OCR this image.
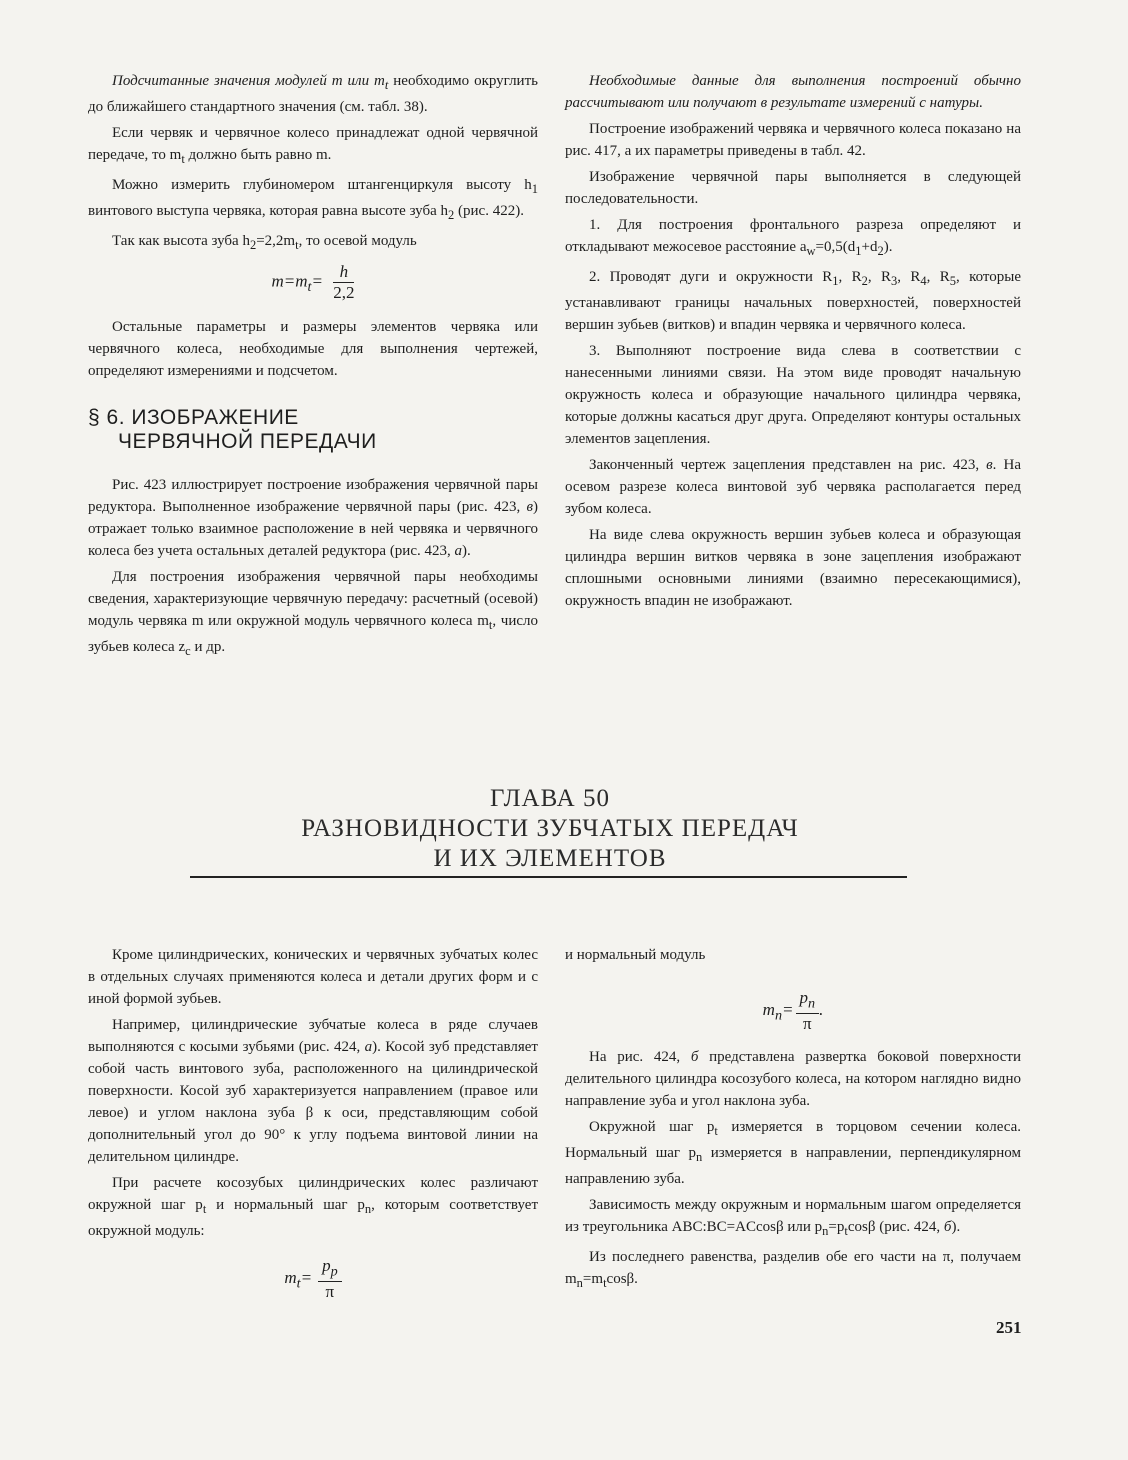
Подсчитанные значения модулей m или $m_t$ необходимо округлить до ближайшего стандартного значения (см. табл. 38).

Если червяк и червячное колесо принадлежат одной червячной передаче, то $m_t$ должно быть равно m.

Можно измерить глубиномером штангенциркуля высоту $h_1$ винтового выступа червяка, которая равна высоте зуба $h_2$ (рис. 422).

Так как высота зуба $h_2=2,2m_t$, то осевой модуль

$m=m_t= \frac{h}{2,2}$

Остальные параметры и размеры элементов червяка или червячного колеса, необходимые для выполнения чертежей, определяют измерениями и подсчетом.

§ 6. ИЗОБРАЖЕНИЕ
ЧЕРВЯЧНОЙ ПЕРЕДАЧИ

Рис. 423 иллюстрирует построение изображения червячной пары редуктора. Выполненное изображение червячной пары (рис. 423, в) отражает только взаимное расположение в ней червяка и червячного колеса без учета остальных деталей редуктора (рис. 423, а).

Для построения изображения червячной пары необходимы сведения, характеризующие червячную передачу: расчетный (осевой) модуль червяка m или окружной модуль червячного колеса $m_t$, число зубьев колеса $z_c$ и др.

Необходимые данные для выполнения построений обычно рассчитывают или получают в результате измерений с натуры.

Построение изображений червяка и червячного колеса показано на рис. 417, а их параметры приведены в табл. 42.

Изображение червячной пары выполняется в следующей последовательности.

1. Для построения фронтального разреза определяют и откладывают межосевое расстояние $a_w=0,5(d_1+d_2)$.

2. Проводят дуги и окружности $R_1$, $R_2$, $R_3$, $R_4$, $R_5$, которые устанавливают границы начальных поверхностей, поверхностей вершин зубьев (витков) и впадин червяка и червячного колеса.

3. Выполняют построение вида слева в соответствии с нанесенными линиями связи. На этом виде проводят начальную окружность колеса и образующие начального цилиндра червяка, которые должны касаться друг друга. Определяют контуры остальных элементов зацепления.

Законченный чертеж зацепления представлен на рис. 423, в. На осевом разрезе колеса винтовой зуб червяка располагается перед зубом колеса.

На виде слева окружность вершин зубьев колеса и образующая цилиндра вершин витков червяка в зоне зацепления изображают сплошными основными линиями (взаимно пересекающимися), окружность впадин не изображают.

ГЛАВА 50
РАЗНОВИДНОСТИ ЗУБЧАТЫХ ПЕРЕДАЧ
И ИХ ЭЛЕМЕНТОВ

Кроме цилиндрических, конических и червячных зубчатых колес в отдельных случаях применяются колеса и детали других форм и с иной формой зубьев.

Например, цилиндрические зубчатые колеса в ряде случаев выполняются с косыми зубьями (рис. 424, а). Косой зуб представляет собой часть винтового зуба, расположенного на цилиндрической поверхности. Косой зуб характеризуется направлением (правое или левое) и углом наклона зуба β к оси, представляющим собой дополнительный угол до 90° к углу подъема винтовой линии на делительном цилиндре.

При расчете косозубых цилиндрических колес различают окружной шаг $p_t$ и нормальный шаг $p_n$, которым соответствует окружной модуль:

$m_t= \frac{p_p}{\pi}$

и нормальный модуль

$m_n= \frac{p_n}{\pi}$ .

На рис. 424, б представлена развертка боковой поверхности делительного цилиндра косозубого колеса, на котором наглядно видно направление зуба и угол наклона зуба.

Окружной шаг $p_t$ измеряется в торцовом сечении колеса. Нормальный шаг $p_n$ измеряется в направлении, перпендикулярном направлению зуба.

Зависимость между окружным и нормальным шагом определяется из треугольника ABC:BC=ACcosβ или $p_n=p_t\cos\beta$ (рис. 424, б).

Из последнего равенства, разделив обе его части на π, получаем $m_n=m_t\cos\beta$.

251
